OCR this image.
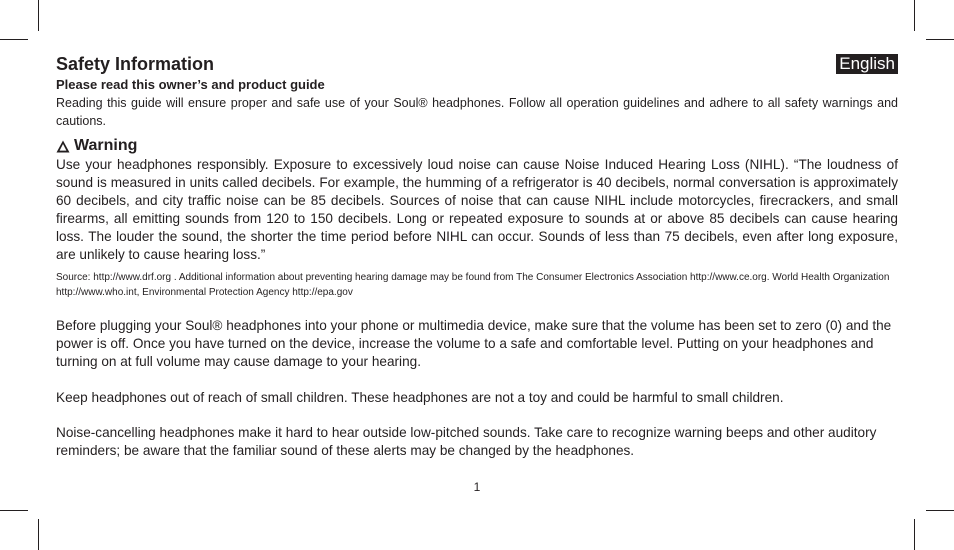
Safety Information	English
Please read this owner’s and product guide
Reading this guide will ensure proper and safe use of your Soul® headphones. Follow all operation guidelines and adhere to all safety warnings and cautions.
Warning
Use your headphones responsibly. Exposure to excessively loud noise can cause Noise Induced Hearing Loss (NIHL). “The loudness of sound is measured in units called decibels. For example, the humming of a refrigerator is 40 decibels, normal conversation is approximately 60 decibels, and city traffic noise can be 85 decibels. Sources of noise that can cause NIHL include motorcycles, firecrackers, and small firearms, all emitting sounds from 120 to 150 decibels. Long or repeated exposure to sounds at or above 85 decibels can cause hearing loss. The louder the sound, the shorter the time period before NIHL can occur. Sounds of less than 75 decibels, even after long exposure, are unlikely to cause hearing loss.”
Source: http://www.drf.org . Additional information about preventing hearing damage may be found from The Consumer Electronics Association http://www.ce.org. World Health Organization http://www.who.int, Environmental Protection Agency http://epa.gov
Before plugging your Soul® headphones into your phone or multimedia device, make sure that the volume has been set to zero (0) and the power is off. Once you have turned on the device, increase the volume to a safe and comfortable level. Putting on your headphones and turning on at full volume may cause damage to your hearing.
Keep headphones out of reach of small children. These headphones are not a toy and could be harmful to small children.
Noise-cancelling headphones make it hard to hear outside low-pitched sounds. Take care to recognize warning beeps and other auditory reminders; be aware that the familiar sound of these alerts may be changed by the headphones.
1
